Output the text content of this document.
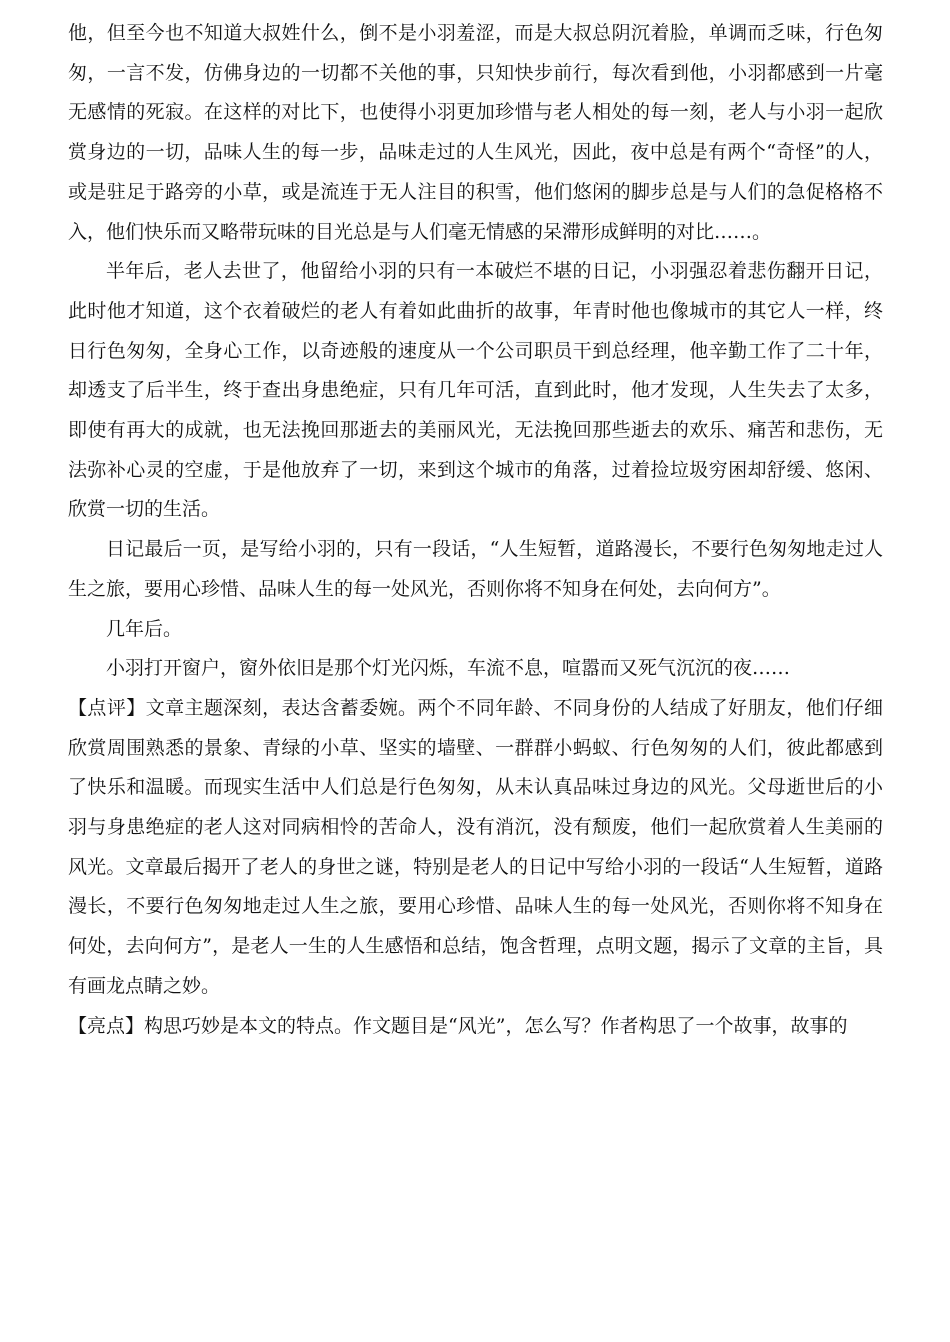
他，但至今也不知道大叔姓什么，倒不是小羽羞涩，而是大叔总阴沉着脸，单调而乏味，行色匆匆，一言不发，仿佛身边的一切都不关他的事，只知快步前行，每次看到他，小羽都感到一片毫无感情的死寂。在这样的对比下，也使得小羽更加珍惜与老人相处的每一刻，老人与小羽一起欣赏身边的一切，品味人生的每一步，品味走过的人生风光，因此，夜中总是有两个“奇怪”的人，或是驻足于路旁的小草，或是流连于无人注目的积雪，他们悠闲的脚步总是与人们的急促格格不入，他们快乐而又略带玩味的目光总是与人们毫无情感的呆滞形成鲜明的对比……。

半年后，老人去世了，他留给小羽的只有一本破烂不堪的日记，小羽强忍着悲伤翻开日记，此时他才知道，这个衣着破烂的老人有着如此曲折的故事，年青时他也像城市的其它人一样，终日行色匆匆，全身心工作，以奇迹般的速度从一个公司职员干到总经理，他辛勤工作了二十年，却透支了后半生，终于查出身患绝症，只有几年可活，直到此时，他才发现，人生失去了太多，即使有再大的成就，也无法挽回那逝去的美丽风光，无法挽回那些逝去的欢乐、痛苦和悲伤，无法弥补心灵的空虚，于是他放弃了一切，来到这个城市的角落，过着捡垃圾穷困却舒缓、悠闲、欣赏一切的生活。

日记最后一页，是写给小羽的，只有一段话，“人生短暂，道路漫长，不要行色匆匆地走过人生之旅，要用心珍惜、品味人生的每一处风光，否则你将不知身在何处，去向何方”。

几年后。

小羽打开窗户，窗外依旧是那个灯光闪烁，车流不息，喧嚣而又死气沉沉的夜……

【点评】文章主题深刻，表达含蓄委婉。两个不同年龄、不同身份的人结成了好朋友，他们仔细欣赏周围熟悉的景象、青绿的小草、坚实的墙壁、一群群小蚂蚁、行色匆匆的人们，彼此都感到了快乐和温暖。而现实生活中人们总是行色匆匆，从未认真品味过身边的风光。父母逝世后的小羽与身患绝症的老人这对同病相怜的苦命人，没有消沉，没有颓废，他们一起欣赏着人生美丽的风光。文章最后揭开了老人的身世之谜，特别是老人的日记中写给小羽的一段话“人生短暂，道路漫长，不要行色匆匆地走过人生之旅，要用心珍惜、品味人生的每一处风光，否则你将不知身在何处，去向何方”，是老人一生的人生感悟和总结，饱含哲理，点明文题，揭示了文章的主旨，具有画龙点睛之妙。

【亮点】构思巧妙是本文的特点。作文题目是“风光”，怎么写？作者构思了一个故事，故事的
